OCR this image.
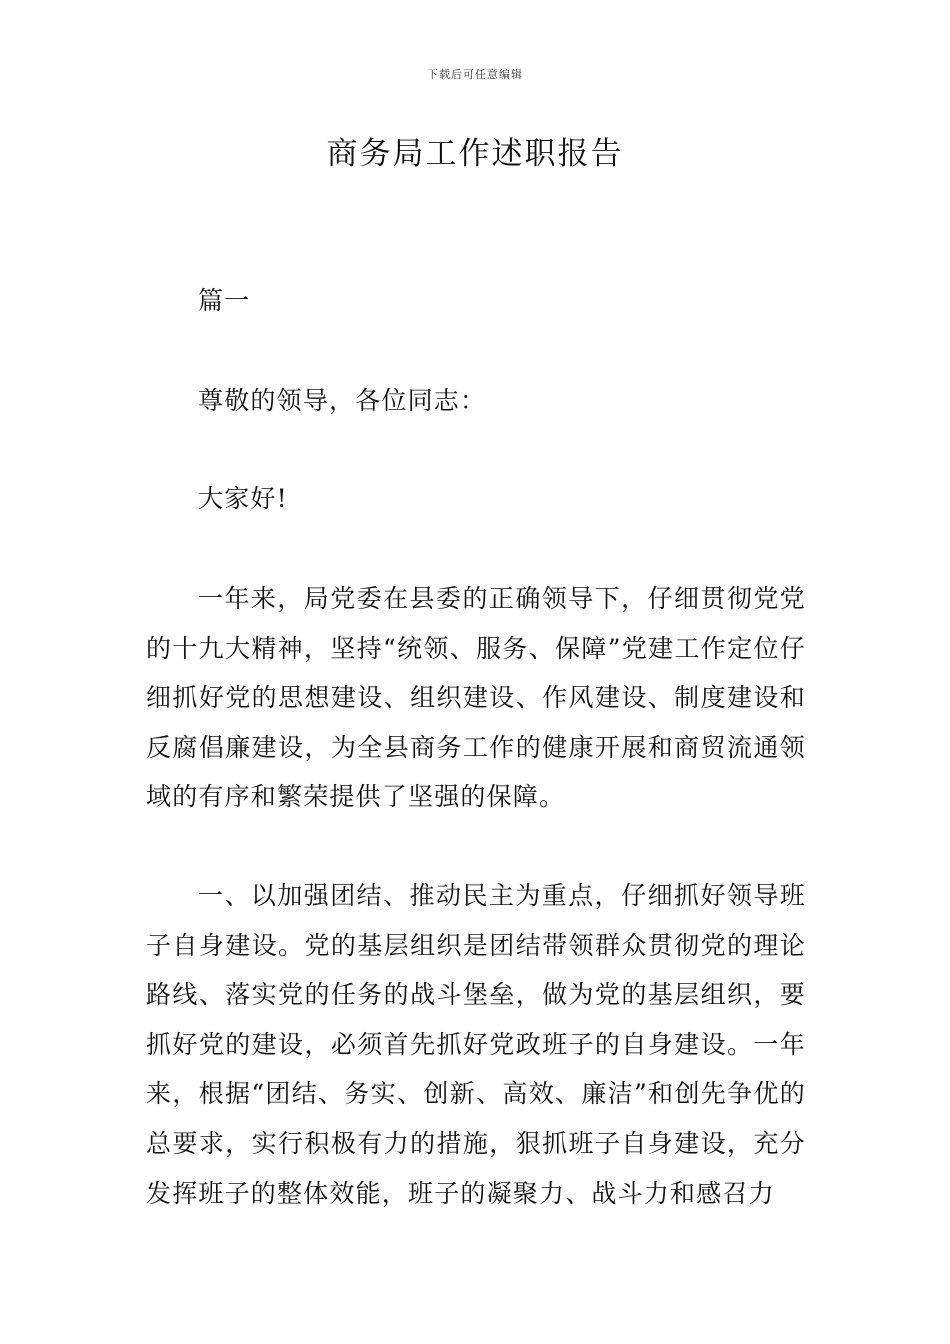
下载后可任意编辑
商务局工作述职报告

篇一

尊敬的领导，各位同志：

大家好!

一年来，局党委在县委的正确领导下，仔细贯彻党党的十九大精神，坚持“统领、服务、保障”党建工作定位仔细抓好党的思想建设、组织建设、作风建设、制度建设和反腐倡廉建设，为全县商务工作的健康开展和商贸流通领域的有序和繁荣提供了坚强的保障。

一、以加强团结、推动民主为重点，仔细抓好领导班子自身建设。党的基层组织是团结带领群众贯彻党的理论路线、落实党的任务的战斗堡垒，做为党的基层组织，要抓好党的建设，必须首先抓好党政班子的自身建设。一年来，根据“团结、务实、创新、高效、廉洁”和创先争优的总要求，实行积极有力的措施，狠抓班子自身建设，充分发挥班子的整体效能，班子的凝聚力、战斗力和感召力
